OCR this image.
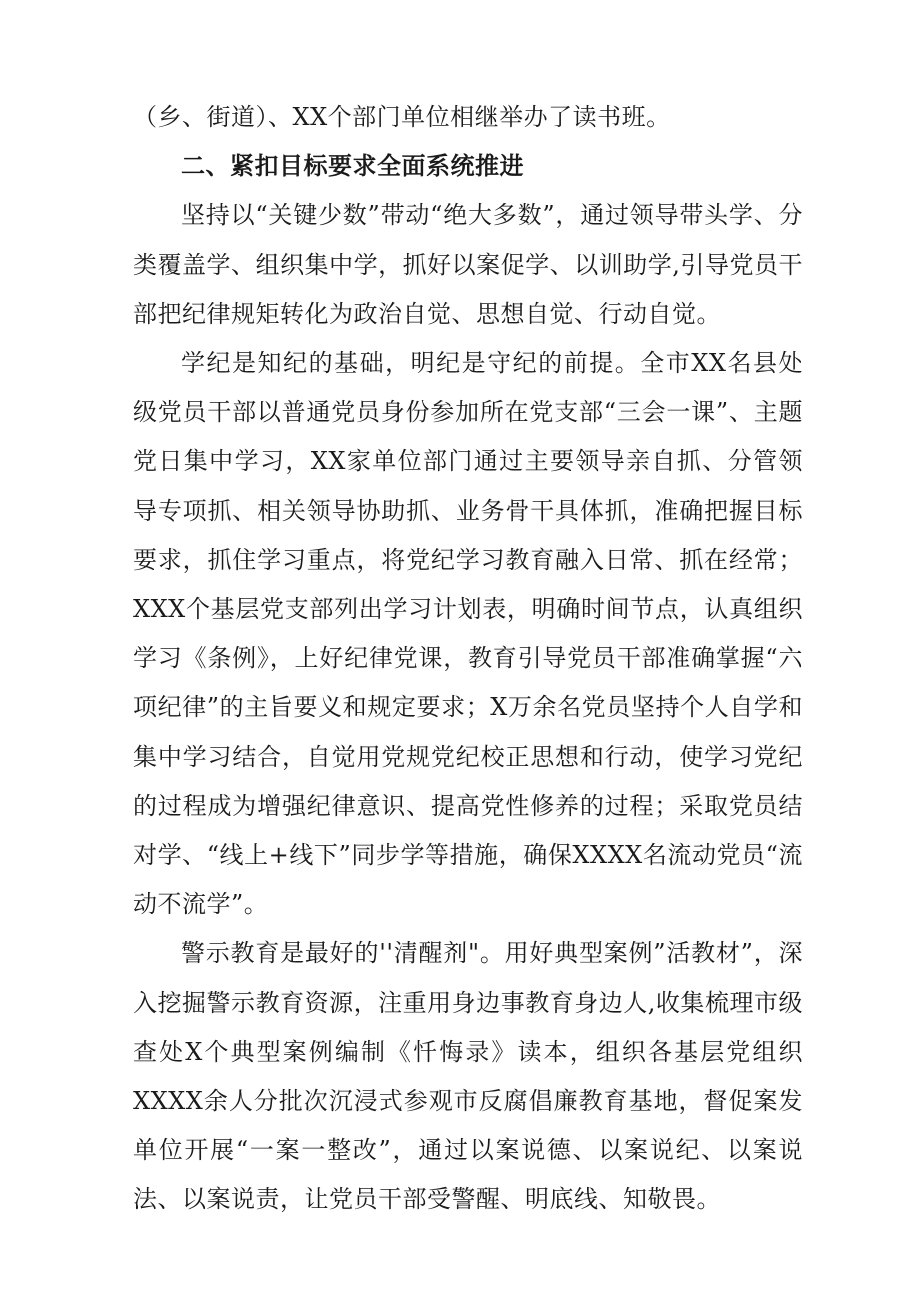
（乡、街道）、XX个部门单位相继举办了读书班。

二、紧扣目标要求全面系统推进

坚持以“关键少数”带动“绝大多数”，通过领导带头学、分类覆盖学、组织集中学，抓好以案促学、以训助学,引导党员干部把纪律规矩转化为政治自觉、思想自觉、行动自觉。

学纪是知纪的基础，明纪是守纪的前提。全市XX名县处级党员干部以普通党员身份参加所在党支部“三会一课”、主题党日集中学习，XX家单位部门通过主要领导亲自抓、分管领导专项抓、相关领导协助抓、业务骨干具体抓，准确把握目标要求，抓住学习重点，将党纪学习教育融入日常、抓在经常；XXX个基层党支部列出学习计划表，明确时间节点，认真组织学习《条例》，上好纪律党课，教育引导党员干部准确掌握“六项纪律”的主旨要义和规定要求；X万余名党员坚持个人自学和集中学习结合，自觉用党规党纪校正思想和行动，使学习党纪的过程成为增强纪律意识、提高党性修养的过程；采取党员结对学、“线上+线下”同步学等措施，确保XXXX名流动党员“流动不流学”。

警示教育是最好的''清醒剂"。用好典型案例”活教材”，深入挖掘警示教育资源，注重用身边事教育身边人,收集梳理市级查处X个典型案例编制《忏悔录》读本，组织各基层党组织XXXX余人分批次沉浸式参观市反腐倡廉教育基地，督促案发单位开展“一案一整改”，通过以案说德、以案说纪、以案说法、以案说责，让党员干部受警醒、明底线、知敬畏。
